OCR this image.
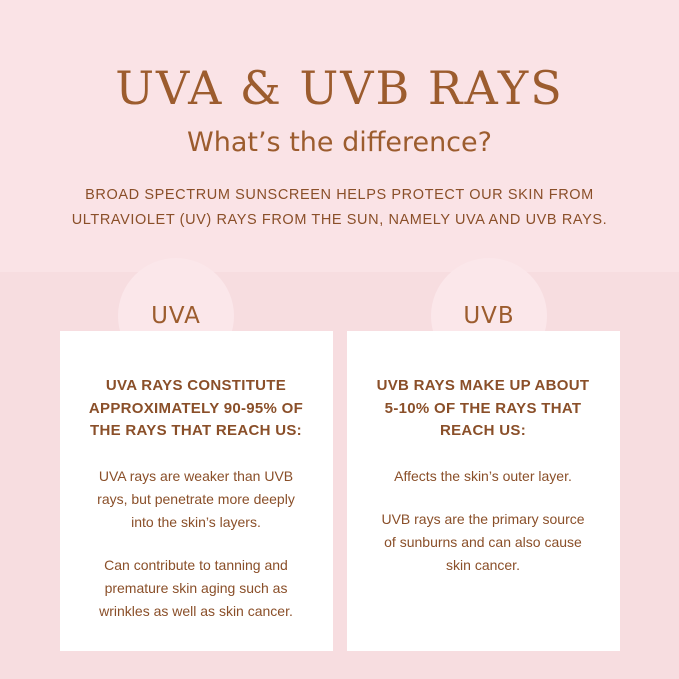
UVA & UVB RAYS
What’s the difference?
BROAD SPECTRUM SUNSCREEN HELPS PROTECT OUR SKIN FROM ULTRAVIOLET (UV) RAYS FROM THE SUN, NAMELY UVA AND UVB RAYS.
UVA	UVB
UVA RAYS CONSTITUTE APPROXIMATELY 90-95% OF THE RAYS THAT REACH US:

UVA rays are weaker than UVB rays, but penetrate more deeply into the skin’s layers.

Can contribute to tanning and premature skin aging such as wrinkles as well as skin cancer.

UVB RAYS MAKE UP ABOUT 5-10% OF THE RAYS THAT REACH US:

Affects the skin’s outer layer.

UVB rays are the primary source of sunburns and can also cause skin cancer.
